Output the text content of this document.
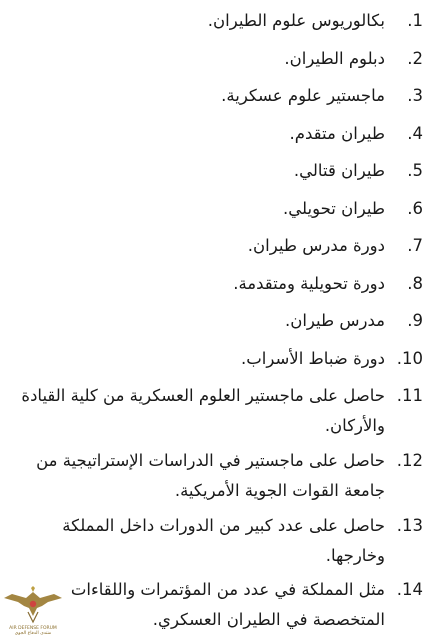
1.
بكالوريوس علوم الطيران.
2.
دبلوم الطيران.
3.
ماجستير علوم عسكرية.
4.
طيران متقدم.
5.
طيران قتالي.
6.
طيران تحويلي.
7.
دورة مدرس طيران.
8.
دورة تحويلية ومتقدمة.
9.
مدرس طيران.
10.
دورة ضباط الأسراب.
11.
حاصل على ماجستير العلوم العسكرية من كلية القيادة والأركان.
12.
حاصل على ماجستير في الدراسات الإستراتيجية من جامعة القوات الجوية الأمريكية.
13.
حاصل على عدد كبير من الدورات داخل المملكة وخارجها.
14.
مثل المملكة في عدد من المؤتمرات واللقاءات المتخصصة في الطيران العسكري.
AIR DEFENSE FORUM
منتدى الدفاع الجوي
